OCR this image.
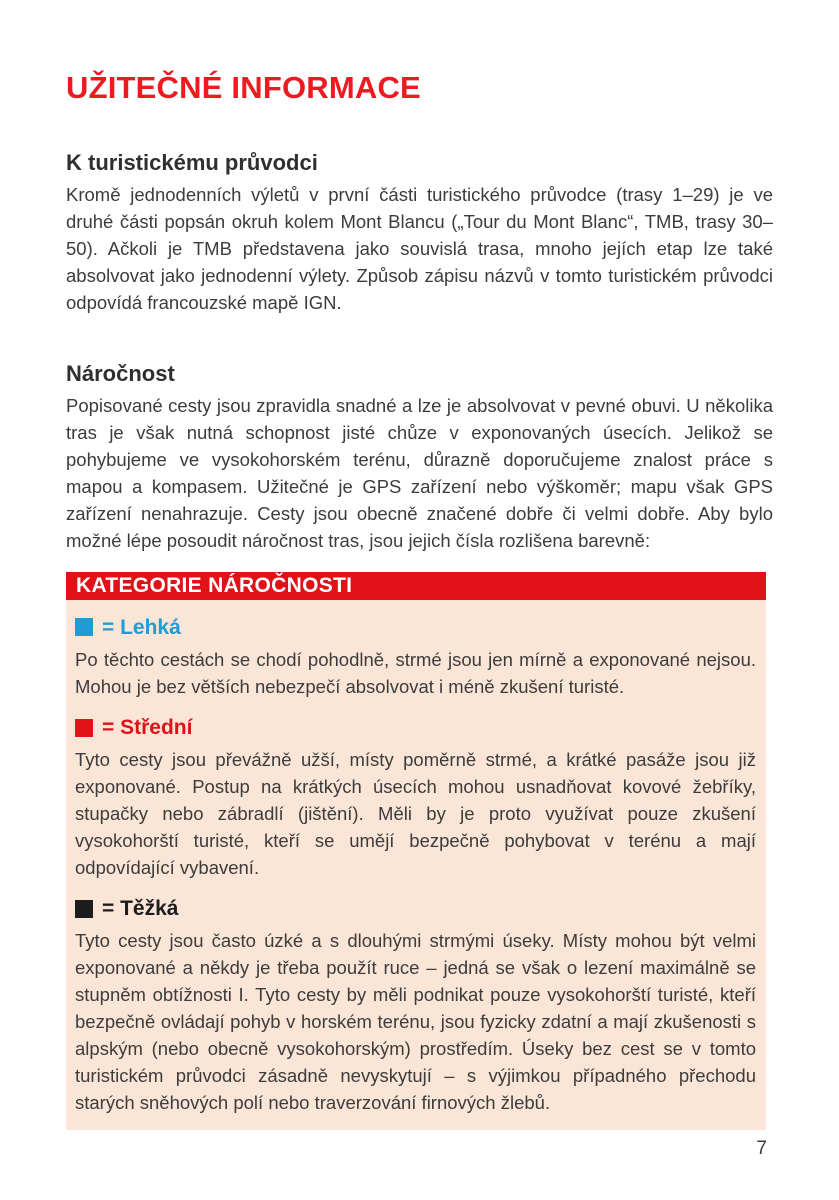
UŽITEČNÉ INFORMACE
K turistickému průvodci

Kromě jednodenních výletů v první části turistického průvodce (trasy 1–29) je ve druhé části popsán okruh kolem Mont Blancu („Tour du Mont Blanc“, TMB, trasy 30–50). Ačkoli je TMB představena jako souvislá trasa, mnoho jejích etap lze také absolvovat jako jednodenní výlety. Způsob zápisu názvů v tomto turistickém průvodci odpovídá francouzské mapě IGN.

Náročnost

Popisované cesty jsou zpravidla snadné a lze je absolvovat v pevné obuvi. U několika tras je však nutná schopnost jisté chůze v exponovaných úsecích. Jelikož se pohybujeme ve vysokohorském terénu, důrazně doporučujeme znalost práce s mapou a kompasem. Užitečné je GPS zařízení nebo výškoměr; mapu však GPS zařízení nenahrazuje. Cesty jsou obecně značené dobře či velmi dobře. Aby bylo možné lépe posoudit náročnost tras, jsou jejich čísla rozlišena barevně:

KATEGORIE NÁROČNOSTI
= Lehká

Po těchto cestách se chodí pohodlně, strmé jsou jen mírně a exponované nejsou. Mohou je bez větších nebezpečí absolvovat i méně zkušení turisté.

= Střední

Tyto cesty jsou převážně užší, místy poměrně strmé, a krátké pasáže jsou již exponované. Postup na krátkých úsecích mohou usnadňovat kovové žebříky, stupačky nebo zábradlí (jištění). Měli by je proto využívat pouze zkušení vysokohorští turisté, kteří se umějí bezpečně pohybovat v terénu a mají odpovídající vybavení.

= Těžká

Tyto cesty jsou často úzké a s dlouhými strmými úseky. Místy mohou být velmi exponované a někdy je třeba použít ruce – jedná se však o lezení maximálně se stupněm obtížnosti I. Tyto cesty by měli podnikat pouze vysokohorští turisté, kteří bezpečně ovládají pohyb v horském terénu, jsou fyzicky zdatní a mají zkušenosti s alpským (nebo obecně vysokohorským) prostředím. Úseky bez cest se v tomto turistickém průvodci zásadně nevyskytují – s výjimkou případného přechodu starých sněhových polí nebo traverzování firnových žlebů.

7
